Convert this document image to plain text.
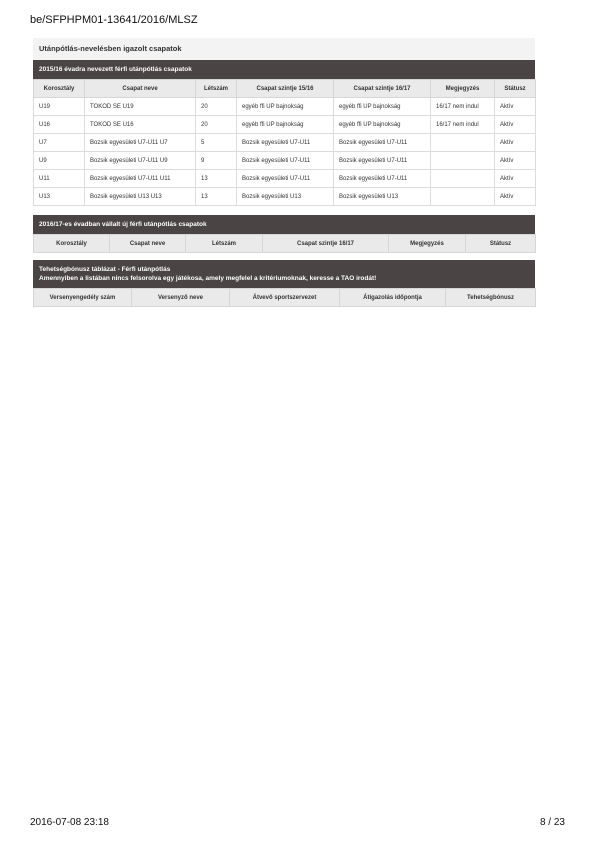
be/SFPHPM01-13641/2016/MLSZ
Utánpótlás-nevelésben igazolt csapatok
2015/16 évadra nevezett férfi utánpótlás csapatok
Korosztály	Csapat neve	Létszám	Csapat szintje 15/16	Csapat szintje 16/17	Megjegyzés	Státusz
U19	TOKOD SE U19	20	egyéb ffi UP bajnokság	egyéb ffi UP bajnokság	16/17 nem indul	Aktív
U16	TOKOD SE U16	20	egyéb ffi UP bajnokság	egyéb ffi UP bajnokság	16/17 nem indul	Aktív
U7	Bozsik egyesületi U7-U11 U7	5	Bozsik egyesületi U7-U11	Bozsik egyesületi U7-U11		Aktív
U9	Bozsik egyesületi U7-U11 U9	9	Bozsik egyesületi U7-U11	Bozsik egyesületi U7-U11		Aktív
U11	Bozsik egyesületi U7-U11 U11	13	Bozsik egyesületi U7-U11	Bozsik egyesületi U7-U11		Aktív
U13	Bozsik egyesületi U13 U13	13	Bozsik egyesületi U13	Bozsik egyesületi U13		Aktív
2016/17-es évadban vállalt új férfi utánpótlás csapatok
Korosztály	Csapat neve	Létszám	Csapat szintje 16/17	Megjegyzés	Státusz
Tehetségbónusz táblázat - Férfi utánpótlás
Amennyiben a listában nincs felsorolva egy játékosa, amely megfelel a kritériumoknak, keresse a TAO irodát!
Versenyengedély szám	Versenyző neve	Átvevő sportszervezet	Átigazolás időpontja	Tehetségbónusz
2016-07-08 23:18	8 / 23
